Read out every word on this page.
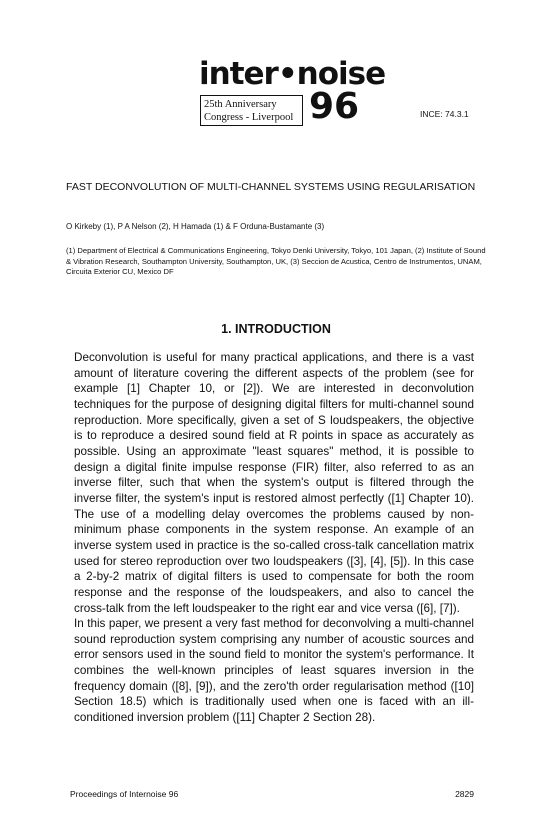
inter•noise
25th Anniversary
Congress - Liverpool 96	INCE: 74.3.1
FAST DECONVOLUTION OF MULTI-CHANNEL SYSTEMS USING REGULARISATION
O Kirkeby (1), P A Nelson (2), H Hamada (1) & F Orduna-Bustamante (3)
(1) Department of Electrical & Communications Engineering, Tokyo Denki University, Tokyo, 101 Japan, (2) Institute of Sound & Vibration Research, Southampton University, Southampton, UK, (3) Seccion de Acustica, Centro de Instrumentos, UNAM, Circuita Exterior CU, Mexico DF
1. INTRODUCTION

Deconvolution is useful for many practical applications, and there is a vast amount of literature covering the different aspects of the problem (see for example [1] Chapter 10, or [2]). We are interested in deconvolution techniques for the purpose of designing digital filters for multi-channel sound reproduction. More specifically, given a set of S loudspeakers, the objective is to reproduce a desired sound field at R points in space as accurately as possible. Using an approximate "least squares" method, it is possible to design a digital finite impulse response (FIR) filter, also referred to as an inverse filter, such that when the system's output is filtered through the inverse filter, the system's input is restored almost perfectly ([1] Chapter 10). The use of a modelling delay overcomes the problems caused by non-minimum phase components in the system response. An example of an inverse system used in practice is the so-called cross-talk cancellation matrix used for stereo reproduction over two loudspeakers ([3], [4], [5]). In this case a 2-by-2 matrix of digital filters is used to compensate for both the room response and the response of the loudspeakers, and also to cancel the cross-talk from the left loudspeaker to the right ear and vice versa ([6], [7]).

In this paper, we present a very fast method for deconvolving a multi-channel sound reproduction system comprising any number of acoustic sources and error sensors used in the sound field to monitor the system's performance. It combines the well-known principles of least squares inversion in the frequency domain ([8], [9]), and the zero'th order regularisation method ([10] Section 18.5) which is traditionally used when one is faced with an ill-conditioned inversion problem ([11] Chapter 2 Section 28).

Proceedings of Internoise 96	2829
